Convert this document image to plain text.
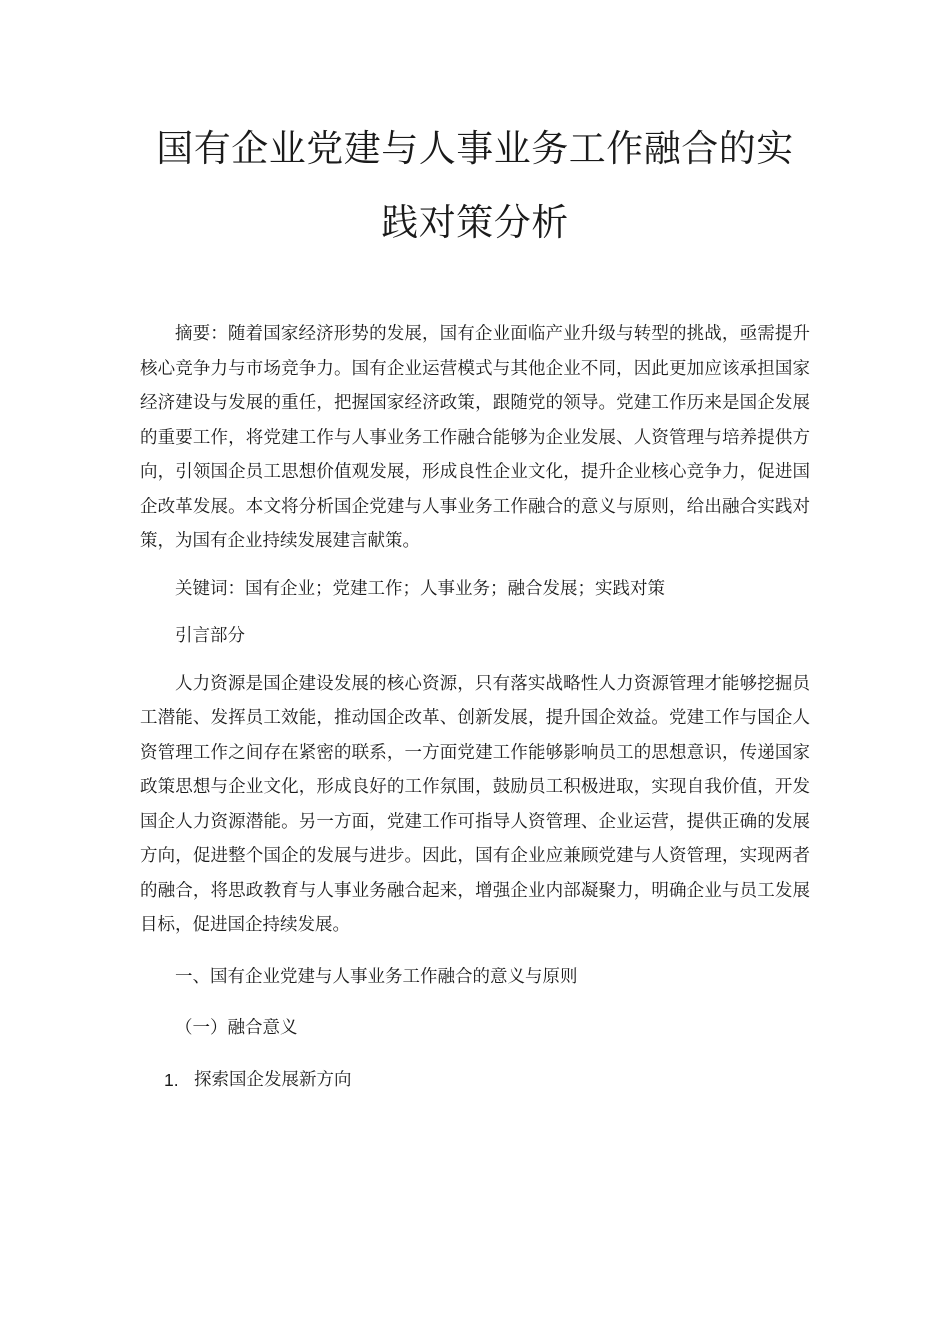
国有企业党建与人事业务工作融合的实
践对策分析

摘要：随着国家经济形势的发展，国有企业面临产业升级与转型的挑战，亟需提升核心竞争力与市场竞争力。国有企业运营模式与其他企业不同，因此更加应该承担国家经济建设与发展的重任，把握国家经济政策，跟随党的领导。党建工作历来是国企发展的重要工作，将党建工作与人事业务工作融合能够为企业发展、人资管理与培养提供方向，引领国企员工思想价值观发展，形成良性企业文化，提升企业核心竞争力，促进国企改革发展。本文将分析国企党建与人事业务工作融合的意义与原则，给出融合实践对策，为国有企业持续发展建言献策。

关键词：国有企业；党建工作；人事业务；融合发展；实践对策

引言部分

人力资源是国企建设发展的核心资源，只有落实战略性人力资源管理才能够挖掘员工潜能、发挥员工效能，推动国企改革、创新发展，提升国企效益。党建工作与国企人资管理工作之间存在紧密的联系，一方面党建工作能够影响员工的思想意识，传递国家政策思想与企业文化，形成良好的工作氛围，鼓励员工积极进取，实现自我价值，开发国企人力资源潜能。另一方面，党建工作可指导人资管理、企业运营，提供正确的发展方向，促进整个国企的发展与进步。因此，国有企业应兼顾党建与人资管理，实现两者的融合，将思政教育与人事业务融合起来，增强企业内部凝聚力，明确企业与员工发展目标，促进国企持续发展。

一、国有企业党建与人事业务工作融合的意义与原则

（一）融合意义

1. 探索国企发展新方向
